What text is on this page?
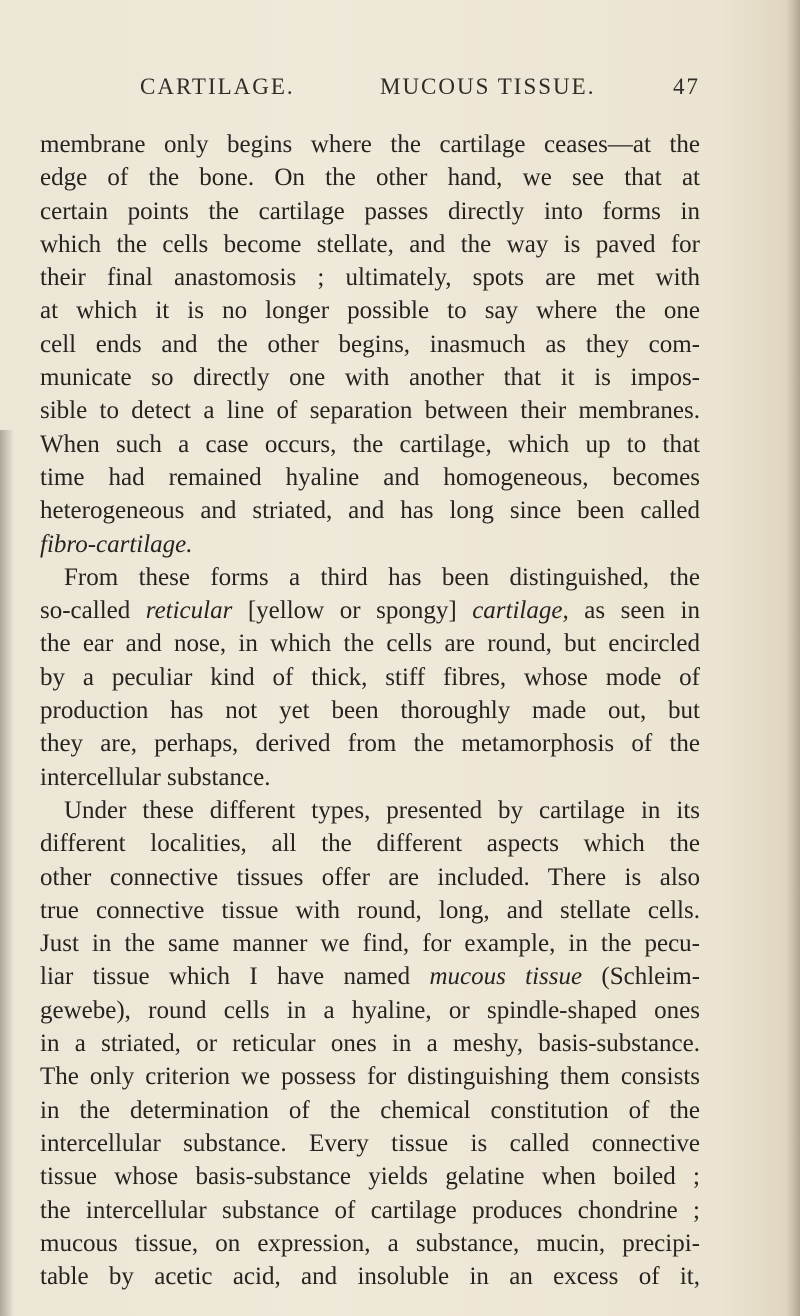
CARTILAGE.	MUCOUS TISSUE.	47
membrane only begins where the cartilage ceases—at the
edge of the bone. On the other hand, we see that at
certain points the cartilage passes directly into forms in
which the cells become stellate, and the way is paved for
their final anastomosis ; ultimately, spots are met with
at which it is no longer possible to say where the one
cell ends and the other begins, inasmuch as they com-
municate so directly one with another that it is impos-
sible to detect a line of separation between their membranes.
When such a case occurs, the cartilage, which up to that
time had remained hyaline and homogeneous, becomes
heterogeneous and striated, and has long since been called
fibro-cartilage.
From these forms a third has been distinguished, the
so-called reticular [yellow or spongy] cartilage, as seen in
the ear and nose, in which the cells are round, but encircled
by a peculiar kind of thick, stiff fibres, whose mode of
production has not yet been thoroughly made out, but
they are, perhaps, derived from the metamorphosis of the
intercellular substance.
Under these different types, presented by cartilage in its
different localities, all the different aspects which the
other connective tissues offer are included. There is also
true connective tissue with round, long, and stellate cells.
Just in the same manner we find, for example, in the pecu-
liar tissue which I have named mucous tissue (Schleim-
gewebe), round cells in a hyaline, or spindle-shaped ones
in a striated, or reticular ones in a meshy, basis-substance.
The only criterion we possess for distinguishing them consists
in the determination of the chemical constitution of the
intercellular substance. Every tissue is called connective
tissue whose basis-substance yields gelatine when boiled ;
the intercellular substance of cartilage produces chondrine ;
mucous tissue, on expression, a substance, mucin, precipi-
table by acetic acid, and insoluble in an excess of it,
